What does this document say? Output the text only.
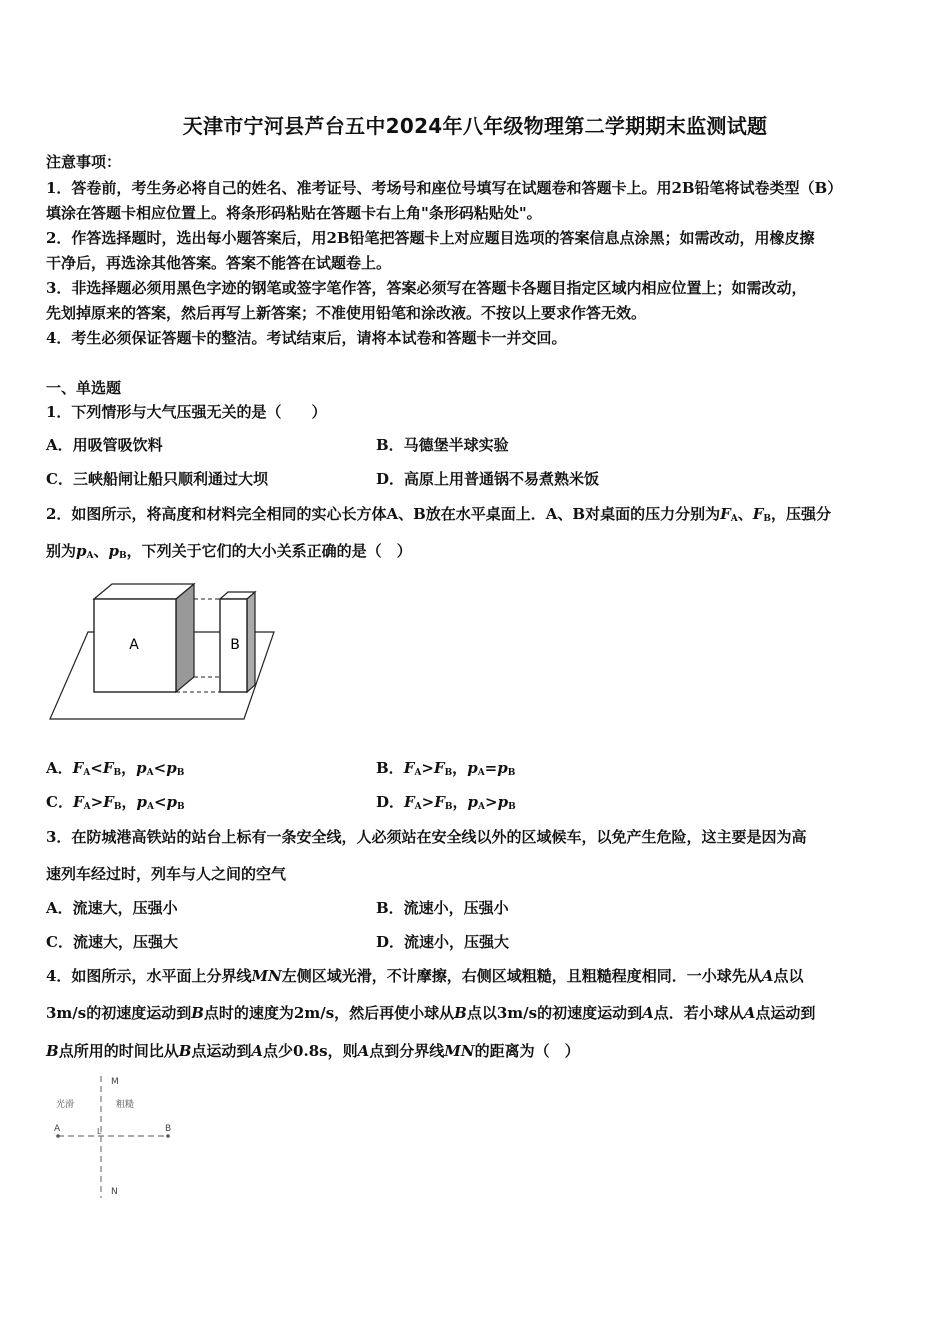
天津市宁河县芦台五中2024年八年级物理第二学期期末监测试题
注意事项：
1．答卷前，考生务必将自己的姓名、准考证号、考场号和座位号填写在试题卷和答题卡上。用2B铅笔将试卷类型（B）
填涂在答题卡相应位置上。将条形码粘贴在答题卡右上角"条形码粘贴处"。
2．作答选择题时，选出每小题答案后，用2B铅笔把答题卡上对应题目选项的答案信息点涂黑；如需改动，用橡皮擦
干净后，再选涂其他答案。答案不能答在试题卷上。
3．非选择题必须用黑色字迹的钢笔或签字笔作答，答案必须写在答题卡各题目指定区域内相应位置上；如需改动，
先划掉原来的答案，然后再写上新答案；不准使用铅笔和涂改液。不按以上要求作答无效。
4．考生必须保证答题卡的整洁。考试结束后，请将本试卷和答题卡一并交回。
一、单选题
1．下列情形与大气压强无关的是（　　）
A．用吸管吸饮料	B．马德堡半球实验
C．三峡船闸让船只顺利通过大坝	D．高原上用普通锅不易煮熟米饭
2．如图所示，将高度和材料完全相同的实心长方体A、B放在水平桌面上．A、B对桌面的压力分别为$F_A$、$F_B$，压强分
别为$p_A$、$p_B$，下列关于它们的大小关系正确的是（　）
A	B
A．$F_A<F_B$，$p_A<p_B$	B．$F_A>F_B$，$p_A=p_B$
C．$F_A>F_B$，$p_A<p_B$	D．$F_A>F_B$，$p_A>p_B$
3．在防城港高铁站的站台上标有一条安全线，人必须站在安全线以外的区域候车，以免产生危险，这主要是因为高
速列车经过时，列车与人之间的空气
A．流速大，压强小	B．流速小，压强小
C．流速大，压强大	D．流速小，压强大
4．如图所示，水平面上分界线MN左侧区域光滑，不计摩擦，右侧区域粗糙，且粗糙程度相同．一小球先从A点以
3m/s的初速度运动到B点时的速度为2m/s，然后再使小球从B点以3m/s的初速度运动到A点．若小球从A点运动到
B点所用的时间比从B点运动到A点少0.8s，则A点到分界线MN的距离为（　）
M
N
光滑	粗糙
A	B
L
